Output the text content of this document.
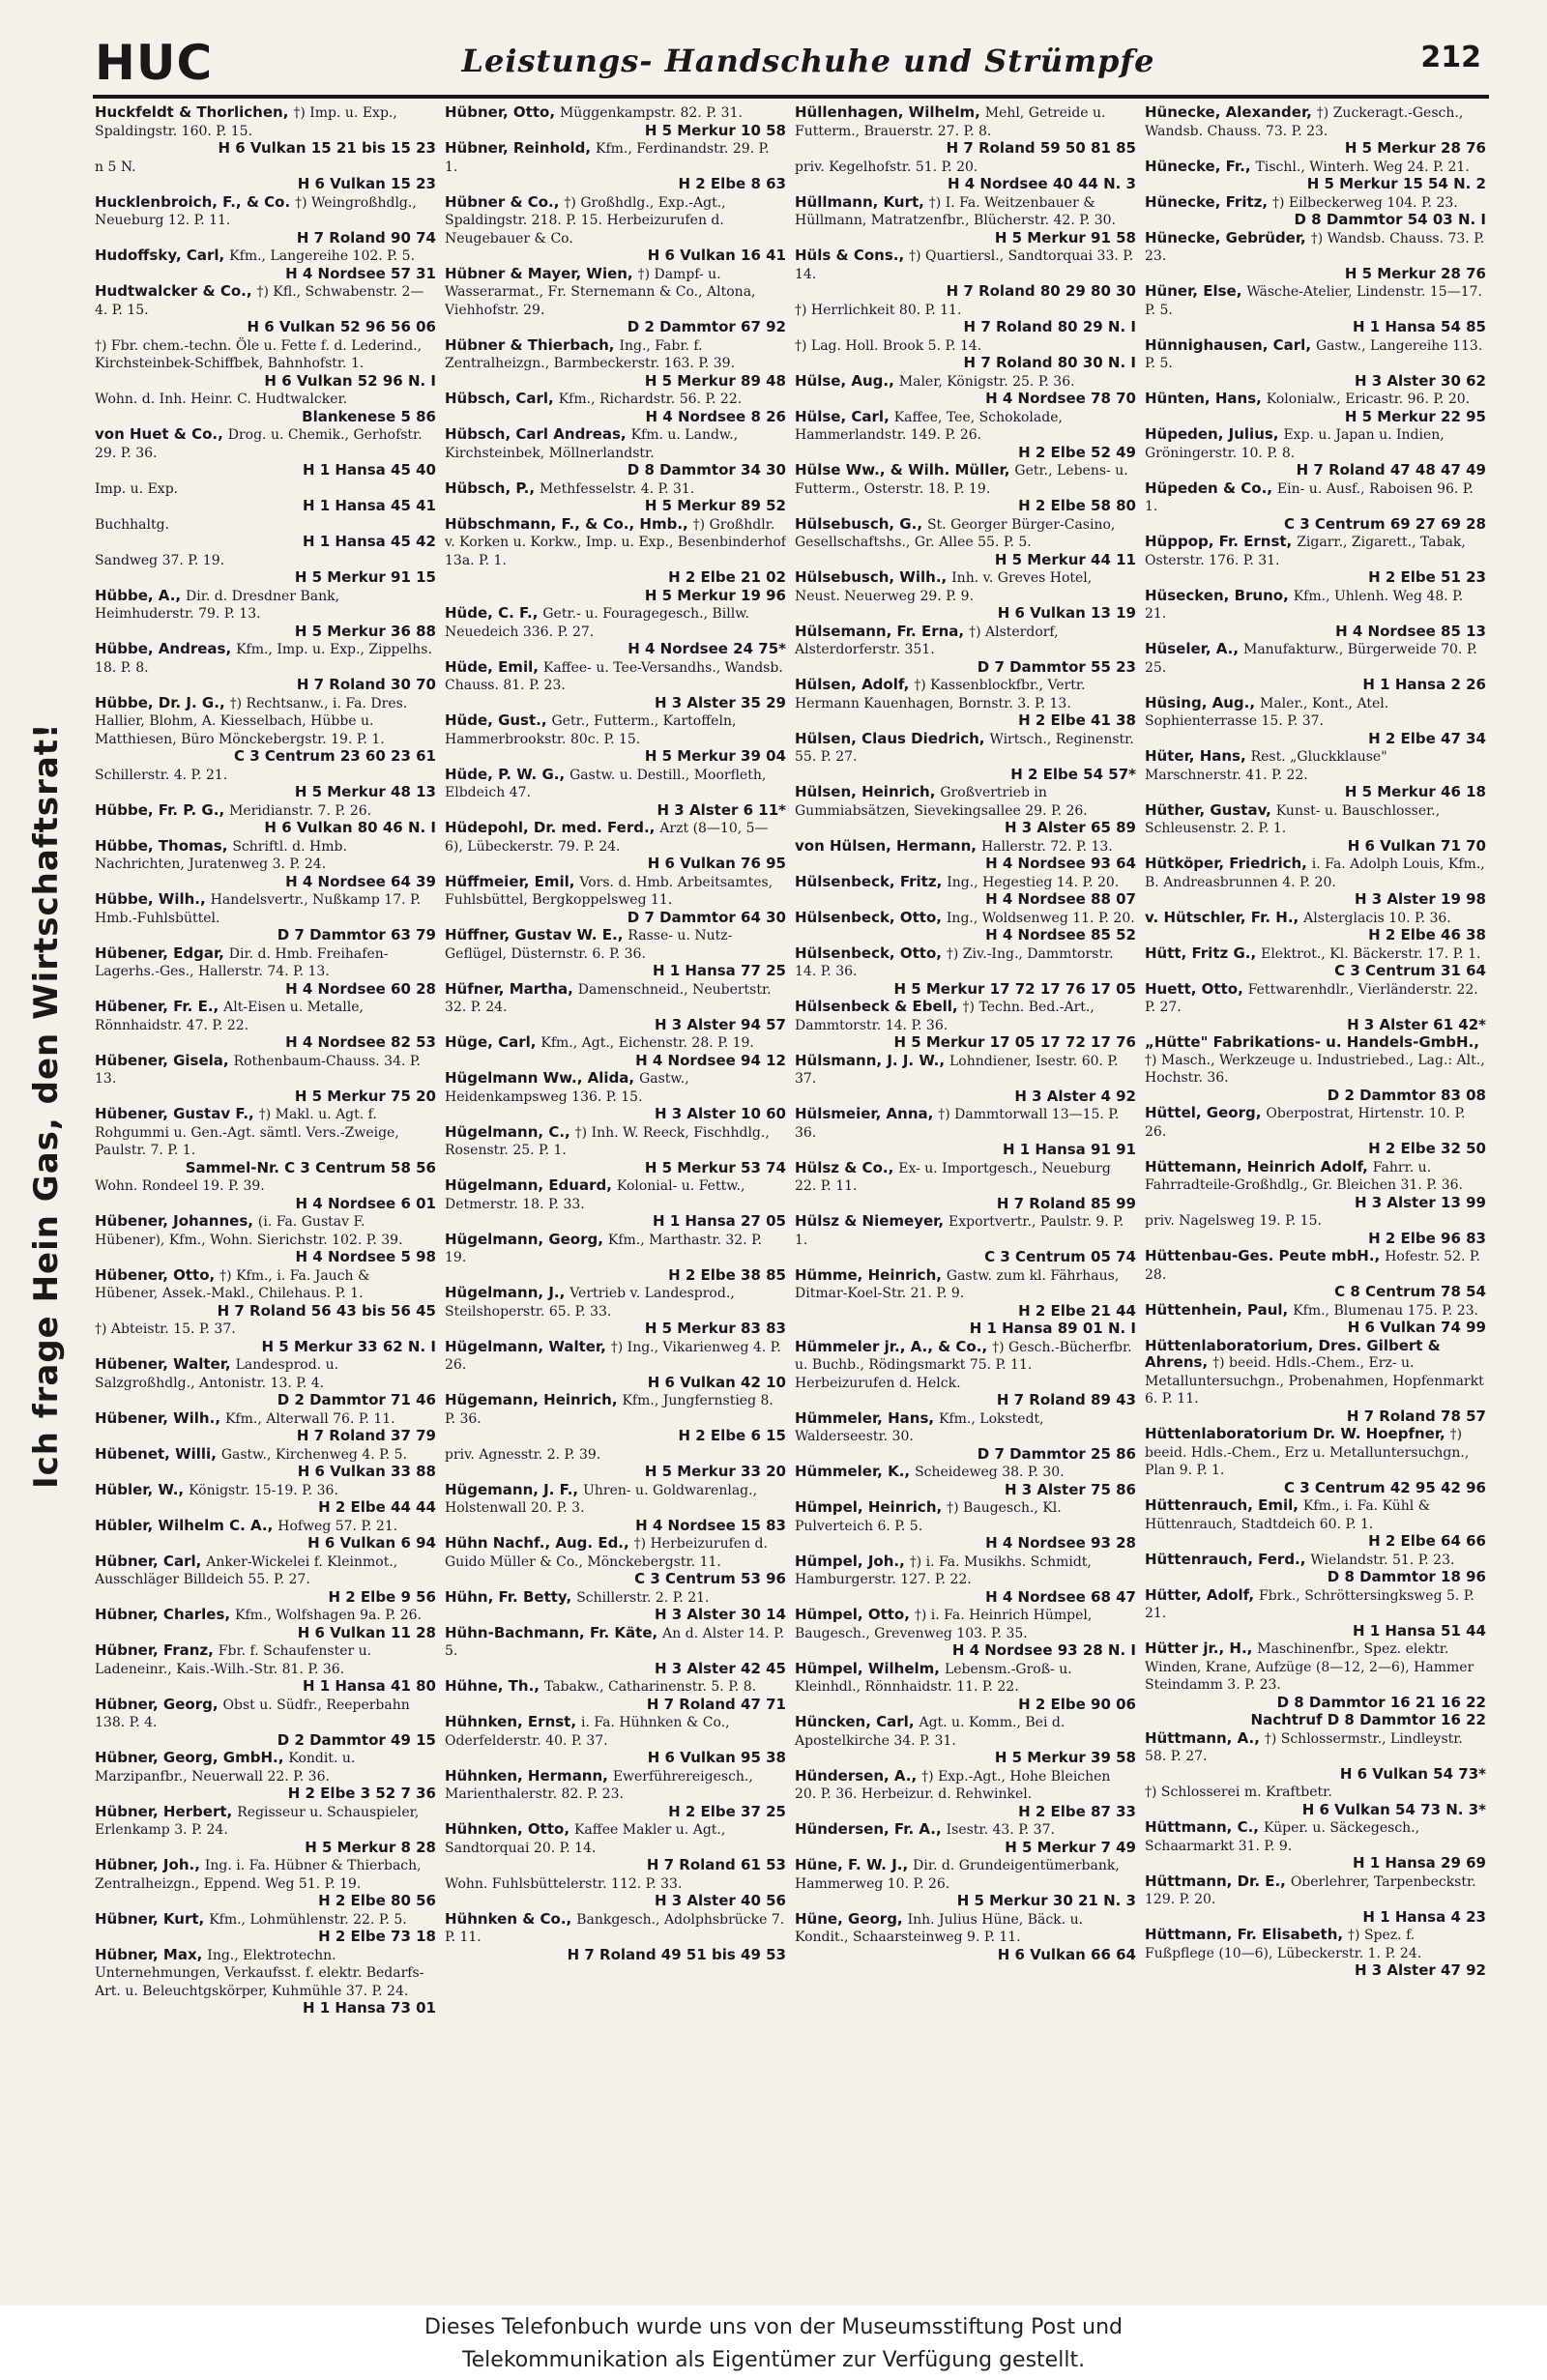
HUC	Leistungs- Handschuhe und Strümpfe	212
Ich frage Hein Gas, den Wirtschaftsrat!
Huckfeldt & Thorlichen, †) Imp. u. Exp., Spaldingstr. 160. P. 15.
H 6 Vulkan 15 21 bis 15 23
n 5 N.
H 6 Vulkan 15 23
Hucklenbroich, F., & Co. †) Weingroßhdlg., Neueburg 12. P. 11.
H 7 Roland 90 74
Hudoffsky, Carl, Kfm., Langereihe 102. P. 5.
H 4 Nordsee 57 31
Hudtwalcker & Co., †) Kfl., Schwabenstr. 2—4. P. 15.
H 6 Vulkan 52 96 56 06
†) Fbr. chem.-techn. Öle u. Fette f. d. Lederind., Kirchsteinbek-Schiffbek, Bahnhofstr. 1.
H 6 Vulkan 52 96 N. I
Wohn. d. Inh. Heinr. C. Hudtwalcker.
Blankenese 5 86
von Huet & Co., Drog. u. Chemik., Gerhofstr. 29. P. 36.
H 1 Hansa 45 40
Imp. u. Exp.
H 1 Hansa 45 41
Buchhaltg.
H 1 Hansa 45 42
Sandweg 37. P. 19.
H 5 Merkur 91 15
Hübbe, A., Dir. d. Dresdner Bank, Heimhuderstr. 79. P. 13.
H 5 Merkur 36 88
Hübbe, Andreas, Kfm., Imp. u. Exp., Zippelhs. 18. P. 8.
H 7 Roland 30 70
Hübbe, Dr. J. G., †) Rechtsanw., i. Fa. Dres. Hallier, Blohm, A. Kiesselbach, Hübbe u. Matthiesen, Büro Mönckebergstr. 19. P. 1.
C 3 Centrum 23 60 23 61
Schillerstr. 4. P. 21.
H 5 Merkur 48 13
Hübbe, Fr. P. G., Meridianstr. 7. P. 26.
H 6 Vulkan 80 46 N. I
Hübbe, Thomas, Schriftl. d. Hmb. Nachrichten, Juratenweg 3. P. 24.
H 4 Nordsee 64 39
Hübbe, Wilh., Handelsvertr., Nußkamp 17. P. Hmb.-Fuhlsbüttel.
D 7 Dammtor 63 79
Hübener, Edgar, Dir. d. Hmb. Freihafen-Lagerhs.-Ges., Hallerstr. 74. P. 13.
H 4 Nordsee 60 28
Hübener, Fr. E., Alt-Eisen u. Metalle, Rönnhaidstr. 47. P. 22.
H 4 Nordsee 82 53
Hübener, Gisela, Rothenbaum-Chauss. 34. P. 13.
H 5 Merkur 75 20
Hübener, Gustav F., †) Makl. u. Agt. f. Rohgummi u. Gen.-Agt. sämtl. Vers.-Zweige, Paulstr. 7. P. 1.
Sammel-Nr. C 3 Centrum 58 56
Wohn. Rondeel 19. P. 39.
H 4 Nordsee 6 01
Hübener, Johannes, (i. Fa. Gustav F. Hübener), Kfm., Wohn. Sierichstr. 102. P. 39.
H 4 Nordsee 5 98
Hübener, Otto, †) Kfm., i. Fa. Jauch & Hübener, Assek.-Makl., Chilehaus. P. 1.
H 7 Roland 56 43 bis 56 45
†) Abteistr. 15. P. 37.
H 5 Merkur 33 62 N. I
Hübener, Walter, Landesprod. u. Salzgroßhdlg., Antonistr. 13. P. 4.
D 2 Dammtor 71 46
Hübener, Wilh., Kfm., Alterwall 76. P. 11.
H 7 Roland 37 79
Hübenet, Willi, Gastw., Kirchenweg 4. P. 5.
H 6 Vulkan 33 88
Hübler, W., Königstr. 15-19. P. 36.
H 2 Elbe 44 44
Hübler, Wilhelm C. A., Hofweg 57. P. 21.
H 6 Vulkan 6 94
Hübner, Carl, Anker-Wickelei f. Kleinmot., Ausschläger Billdeich 55. P. 27.
H 2 Elbe 9 56
Hübner, Charles, Kfm., Wolfshagen 9a. P. 26.
H 6 Vulkan 11 28
Hübner, Franz, Fbr. f. Schaufenster u. Ladeneinr., Kais.-Wilh.-Str. 81. P. 36.
H 1 Hansa 41 80
Hübner, Georg, Obst u. Südfr., Reeperbahn 138. P. 4.
D 2 Dammtor 49 15
Hübner, Georg, GmbH., Kondit. u. Marzipanfbr., Neuerwall 22. P. 36.
H 2 Elbe 3 52 7 36
Hübner, Herbert, Regisseur u. Schauspieler, Erlenkamp 3. P. 24.
H 5 Merkur 8 28
Hübner, Joh., Ing. i. Fa. Hübner & Thierbach, Zentralheizgn., Eppend. Weg 51. P. 19.
H 2 Elbe 80 56
Hübner, Kurt, Kfm., Lohmühlenstr. 22. P. 5.
H 2 Elbe 73 18
Hübner, Max, Ing., Elektrotechn. Unternehmungen, Verkaufsst. f. elektr. Bedarfs-Art. u. Beleuchtgskörper, Kuhmühle 37. P. 24.
H 1 Hansa 73 01
Hübner, Otto, Müggenkampstr. 82. P. 31.
H 5 Merkur 10 58
Hübner, Reinhold, Kfm., Ferdinandstr. 29. P. 1.
H 2 Elbe 8 63
Hübner & Co., †) Großhdlg., Exp.-Agt., Spaldingstr. 218. P. 15. Herbeizurufen d. Neugebauer & Co.
H 6 Vulkan 16 41
Hübner & Mayer, Wien, †) Dampf- u. Wasserarmat., Fr. Sternemann & Co., Altona, Viehhofstr. 29.
D 2 Dammtor 67 92
Hübner & Thierbach, Ing., Fabr. f. Zentralheizgn., Barmbeckerstr. 163. P. 39.
H 5 Merkur 89 48
Hübsch, Carl, Kfm., Richardstr. 56. P. 22.
H 4 Nordsee 8 26
Hübsch, Carl Andreas, Kfm. u. Landw., Kirchsteinbek, Möllnerlandstr.
D 8 Dammtor 34 30
Hübsch, P., Methfesselstr. 4. P. 31.
H 5 Merkur 89 52
Hübschmann, F., & Co., Hmb., †) Großhdlr. v. Korken u. Korkw., Imp. u. Exp., Besenbinderhof 13a. P. 1.
H 2 Elbe 21 02
H 5 Merkur 19 96
Hüde, C. F., Getr.- u. Fouragegesch., Billw. Neuedeich 336. P. 27.
H 4 Nordsee 24 75*
Hüde, Emil, Kaffee- u. Tee-Versandhs., Wandsb. Chauss. 81. P. 23.
H 3 Alster 35 29
Hüde, Gust., Getr., Futterm., Kartoffeln, Hammerbrookstr. 80c. P. 15.
H 5 Merkur 39 04
Hüde, P. W. G., Gastw. u. Destill., Moorfleth, Elbdeich 47.
H 3 Alster 6 11*
Hüdepohl, Dr. med. Ferd., Arzt (8—10, 5—6), Lübeckerstr. 79. P. 24.
H 6 Vulkan 76 95
Hüffmeier, Emil, Vors. d. Hmb. Arbeitsamtes, Fuhlsbüttel, Bergkoppelsweg 11.
D 7 Dammtor 64 30
Hüffner, Gustav W. E., Rasse- u. Nutz-Geflügel, Düsternstr. 6. P. 36.
H 1 Hansa 77 25
Hüfner, Martha, Damenschneid., Neubertstr. 32. P. 24.
H 3 Alster 94 57
Hüge, Carl, Kfm., Agt., Eichenstr. 28. P. 19.
H 4 Nordsee 94 12
Hügelmann Ww., Alida, Gastw., Heidenkampsweg 136. P. 15.
H 3 Alster 10 60
Hügelmann, C., †) Inh. W. Reeck, Fischhdlg., Rosenstr. 25. P. 1.
H 5 Merkur 53 74
Hügelmann, Eduard, Kolonial- u. Fettw., Detmerstr. 18. P. 33.
H 1 Hansa 27 05
Hügelmann, Georg, Kfm., Marthastr. 32. P. 19.
H 2 Elbe 38 85
Hügelmann, J., Vertrieb v. Landesprod., Steilshoperstr. 65. P. 33.
H 5 Merkur 83 83
Hügelmann, Walter, †) Ing., Vikarienweg 4. P. 26.
H 6 Vulkan 42 10
Hügemann, Heinrich, Kfm., Jungfernstieg 8. P. 36.
H 2 Elbe 6 15
priv. Agnesstr. 2. P. 39.
H 5 Merkur 33 20
Hügemann, J. F., Uhren- u. Goldwarenlag., Holstenwall 20. P. 3.
H 4 Nordsee 15 83
Hühn Nachf., Aug. Ed., †) Herbeizurufen d. Guido Müller & Co., Mönckebergstr. 11.
C 3 Centrum 53 96
Hühn, Fr. Betty, Schillerstr. 2. P. 21.
H 3 Alster 30 14
Hühn-Bachmann, Fr. Käte, An d. Alster 14. P. 5.
H 3 Alster 42 45
Hühne, Th., Tabakw., Catharinenstr. 5. P. 8.
H 7 Roland 47 71
Hühnken, Ernst, i. Fa. Hühnken & Co., Oderfelderstr. 40. P. 37.
H 6 Vulkan 95 38
Hühnken, Hermann, Ewerführereigesch., Marienthalerstr. 82. P. 23.
H 2 Elbe 37 25
Hühnken, Otto, Kaffee Makler u. Agt., Sandtorquai 20. P. 14.
H 7 Roland 61 53
Wohn. Fuhlsbüttelerstr. 112. P. 33.
H 3 Alster 40 56
Hühnken & Co., Bankgesch., Adolphsbrücke 7. P. 11.
H 7 Roland 49 51 bis 49 53
Hüllenhagen, Wilhelm, Mehl, Getreide u. Futterm., Brauerstr. 27. P. 8.
H 7 Roland 59 50 81 85
priv. Kegelhofstr. 51. P. 20.
H 4 Nordsee 40 44 N. 3
Hüllmann, Kurt, †) I. Fa. Weitzenbauer & Hüllmann, Matratzenfbr., Blücherstr. 42. P. 30.
H 5 Merkur 91 58
Hüls & Cons., †) Quartiersl., Sandtorquai 33. P. 14.
H 7 Roland 80 29 80 30
†) Herrlichkeit 80. P. 11.
H 7 Roland 80 29 N. I
†) Lag. Holl. Brook 5. P. 14.
H 7 Roland 80 30 N. I
Hülse, Aug., Maler, Königstr. 25. P. 36.
H 4 Nordsee 78 70
Hülse, Carl, Kaffee, Tee, Schokolade, Hammerlandstr. 149. P. 26.
H 2 Elbe 52 49
Hülse Ww., & Wilh. Müller, Getr., Lebens- u. Futterm., Osterstr. 18. P. 19.
H 2 Elbe 58 80
Hülsebusch, G., St. Georger Bürger-Casino, Gesellschaftshs., Gr. Allee 55. P. 5.
H 5 Merkur 44 11
Hülsebusch, Wilh., Inh. v. Greves Hotel, Neust. Neuerweg 29. P. 9.
H 6 Vulkan 13 19
Hülsemann, Fr. Erna, †) Alsterdorf, Alsterdorferstr. 351.
D 7 Dammtor 55 23
Hülsen, Adolf, †) Kassenblockfbr., Vertr. Hermann Kauenhagen, Bornstr. 3. P. 13.
H 2 Elbe 41 38
Hülsen, Claus Diedrich, Wirtsch., Reginenstr. 55. P. 27.
H 2 Elbe 54 57*
Hülsen, Heinrich, Großvertrieb in Gummiabsätzen, Sievekingsallee 29. P. 26.
H 3 Alster 65 89
von Hülsen, Hermann, Hallerstr. 72. P. 13.
H 4 Nordsee 93 64
Hülsenbeck, Fritz, Ing., Hegestieg 14. P. 20.
H 4 Nordsee 88 07
Hülsenbeck, Otto, Ing., Woldsenweg 11. P. 20.
H 4 Nordsee 85 52
Hülsenbeck, Otto, †) Ziv.-Ing., Dammtorstr. 14. P. 36.
H 5 Merkur 17 72 17 76 17 05
Hülsenbeck & Ebell, †) Techn. Bed.-Art., Dammtorstr. 14. P. 36.
H 5 Merkur 17 05 17 72 17 76
Hülsmann, J. J. W., Lohndiener, Isestr. 60. P. 37.
H 3 Alster 4 92
Hülsmeier, Anna, †) Dammtorwall 13—15. P. 36.
H 1 Hansa 91 91
Hülsz & Co., Ex- u. Importgesch., Neueburg 22. P. 11.
H 7 Roland 85 99
Hülsz & Niemeyer, Exportvertr., Paulstr. 9. P. 1.
C 3 Centrum 05 74
Hümme, Heinrich, Gastw. zum kl. Fährhaus, Ditmar-Koel-Str. 21. P. 9.
H 2 Elbe 21 44
H 1 Hansa 89 01 N. I
Hümmeler jr., A., & Co., †) Gesch.-Bücherfbr. u. Buchb., Rödingsmarkt 75. P. 11. Herbeizurufen d. Helck.
H 7 Roland 89 43
Hümmeler, Hans, Kfm., Lokstedt, Walderseestr. 30.
D 7 Dammtor 25 86
Hümmeler, K., Scheideweg 38. P. 30.
H 3 Alster 75 86
Hümpel, Heinrich, †) Baugesch., Kl. Pulverteich 6. P. 5.
H 4 Nordsee 93 28
Hümpel, Joh., †) i. Fa. Musikhs. Schmidt, Hamburgerstr. 127. P. 22.
H 4 Nordsee 68 47
Hümpel, Otto, †) i. Fa. Heinrich Hümpel, Baugesch., Grevenweg 103. P. 35.
H 4 Nordsee 93 28 N. I
Hümpel, Wilhelm, Lebensm.-Groß- u. Kleinhdl., Rönnhaidstr. 11. P. 22.
H 2 Elbe 90 06
Hüncken, Carl, Agt. u. Komm., Bei d. Apostelkirche 34. P. 31.
H 5 Merkur 39 58
Hündersen, A., †) Exp.-Agt., Hohe Bleichen 20. P. 36. Herbeizur. d. Rehwinkel.
H 2 Elbe 87 33
Hündersen, Fr. A., Isestr. 43. P. 37.
H 5 Merkur 7 49
Hüne, F. W. J., Dir. d. Grundeigentümerbank, Hammerweg 10. P. 26.
H 5 Merkur 30 21 N. 3
Hüne, Georg, Inh. Julius Hüne, Bäck. u. Kondit., Schaarsteinweg 9. P. 11.
H 6 Vulkan 66 64
Hünecke, Alexander, †) Zuckeragt.-Gesch., Wandsb. Chauss. 73. P. 23.
H 5 Merkur 28 76
Hünecke, Fr., Tischl., Winterh. Weg 24. P. 21.
H 5 Merkur 15 54 N. 2
Hünecke, Fritz, †) Eilbeckerweg 104. P. 23.
D 8 Dammtor 54 03 N. I
Hünecke, Gebrüder, †) Wandsb. Chauss. 73. P. 23.
H 5 Merkur 28 76
Hüner, Else, Wäsche-Atelier, Lindenstr. 15—17. P. 5.
H 1 Hansa 54 85
Hünnighausen, Carl, Gastw., Langereihe 113. P. 5.
H 3 Alster 30 62
Hünten, Hans, Kolonialw., Ericastr. 96. P. 20.
H 5 Merkur 22 95
Hüpeden, Julius, Exp. u. Japan u. Indien, Gröningerstr. 10. P. 8.
H 7 Roland 47 48 47 49
Hüpeden & Co., Ein- u. Ausf., Raboisen 96. P. 1.
C 3 Centrum 69 27 69 28
Hüppop, Fr. Ernst, Zigarr., Zigarett., Tabak, Osterstr. 176. P. 31.
H 2 Elbe 51 23
Hüsecken, Bruno, Kfm., Uhlenh. Weg 48. P. 21.
H 4 Nordsee 85 13
Hüseler, A., Manufakturw., Bürgerweide 70. P. 25.
H 1 Hansa 2 26
Hüsing, Aug., Maler., Kont., Atel. Sophienterrasse 15. P. 37.
H 2 Elbe 47 34
Hüter, Hans, Rest. „Gluckklause" Marschnerstr. 41. P. 22.
H 5 Merkur 46 18
Hüther, Gustav, Kunst- u. Bauschlosser., Schleusenstr. 2. P. 1.
H 6 Vulkan 71 70
Hütköper, Friedrich, i. Fa. Adolph Louis, Kfm., B. Andreasbrunnen 4. P. 20.
H 3 Alster 19 98
v. Hütschler, Fr. H., Alsterglacis 10. P. 36.
H 2 Elbe 46 38
Hütt, Fritz G., Elektrot., Kl. Bäckerstr. 17. P. 1.
C 3 Centrum 31 64
Huett, Otto, Fettwarenhdlr., Vierländerstr. 22. P. 27.
H 3 Alster 61 42*
„Hütte" Fabrikations- u. Handels-GmbH., †) Masch., Werkzeuge u. Industriebed., Lag.: Alt., Hochstr. 36.
D 2 Dammtor 83 08
Hüttel, Georg, Oberpostrat, Hirtenstr. 10. P. 26.
H 2 Elbe 32 50
Hüttemann, Heinrich Adolf, Fahrr. u. Fahrradteile-Großhdlg., Gr. Bleichen 31. P. 36.
H 3 Alster 13 99
priv. Nagelsweg 19. P. 15.
H 2 Elbe 96 83
Hüttenbau-Ges. Peute mbH., Hofestr. 52. P. 28.
C 8 Centrum 78 54
Hüttenhein, Paul, Kfm., Blumenau 175. P. 23.
H 6 Vulkan 74 99
Hüttenlaboratorium, Dres. Gilbert & Ahrens, †) beeid. Hdls.-Chem., Erz- u. Metalluntersuchgn., Probenahmen, Hopfenmarkt 6. P. 11.
H 7 Roland 78 57
Hüttenlaboratorium Dr. W. Hoepfner, †) beeid. Hdls.-Chem., Erz u. Metalluntersuchgn., Plan 9. P. 1.
C 3 Centrum 42 95 42 96
Hüttenrauch, Emil, Kfm., i. Fa. Kühl & Hüttenrauch, Stadtdeich 60. P. 1.
H 2 Elbe 64 66
Hüttenrauch, Ferd., Wielandstr. 51. P. 23.
D 8 Dammtor 18 96
Hütter, Adolf, Fbrk., Schröttersingksweg 5. P. 21.
H 1 Hansa 51 44
Hütter jr., H., Maschinenfbr., Spez. elektr. Winden, Krane, Aufzüge (8—12, 2—6), Hammer Steindamm 3. P. 23.
D 8 Dammtor 16 21 16 22
Nachtruf D 8 Dammtor 16 22
Hüttmann, A., †) Schlossermstr., Lindleystr. 58. P. 27.
H 6 Vulkan 54 73*
†) Schlosserei m. Kraftbetr.
H 6 Vulkan 54 73 N. 3*
Hüttmann, C., Küper. u. Säckegesch., Schaarmarkt 31. P. 9.
H 1 Hansa 29 69
Hüttmann, Dr. E., Oberlehrer, Tarpenbeckstr. 129. P. 20.
H 1 Hansa 4 23
Hüttmann, Fr. Elisabeth, †) Spez. f. Fußpflege (10—6), Lübeckerstr. 1. P. 24.
H 3 Alster 47 92
Dieses Telefonbuch wurde uns von der Museumsstiftung Post und
Telekommunikation als Eigentümer zur Verfügung gestellt.
